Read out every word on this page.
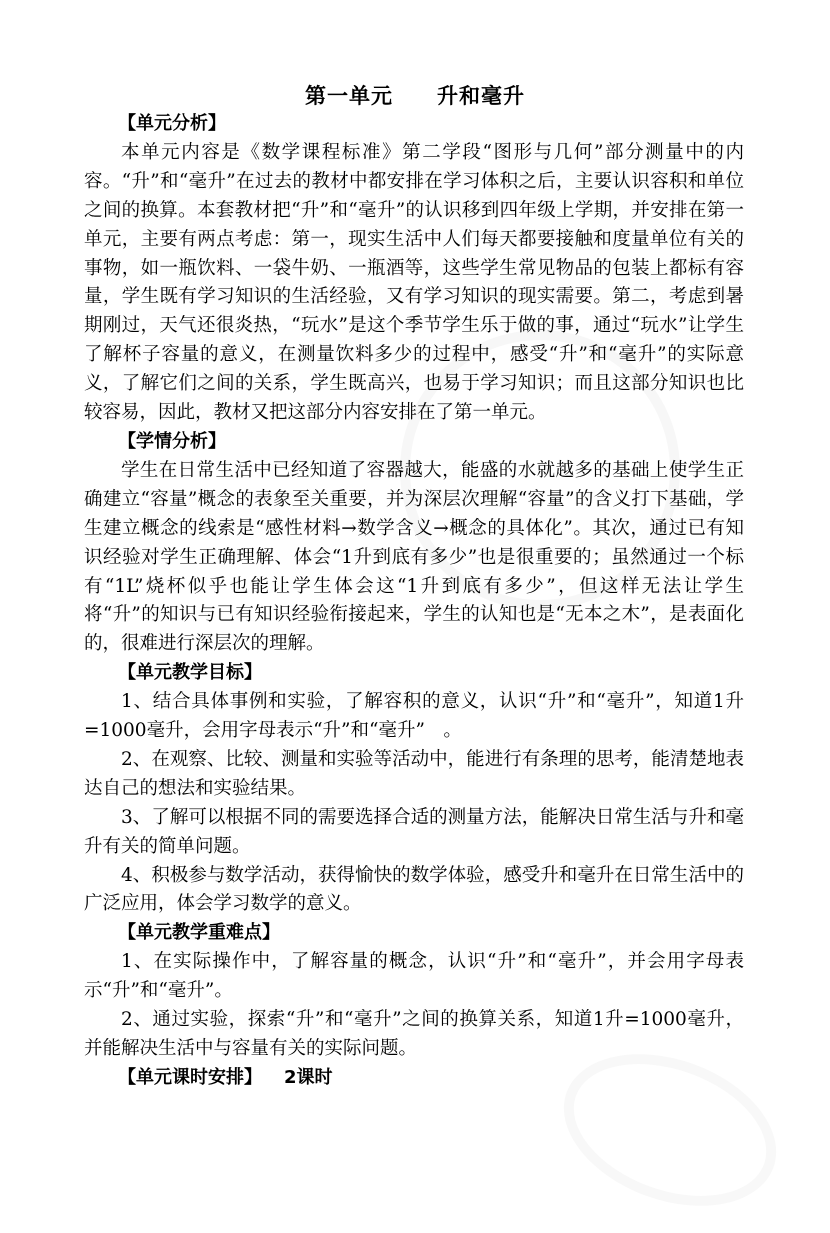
第一单元　　升和毫升
【单元分析】

本单元内容是《数学课程标准》第二学段“图形与几何”部分测量中的内容。“升”和“毫升”在过去的教材中都安排在学习体积之后，主要认识容积和单位之间的换算。本套教材把“升”和“毫升”的认识移到四年级上学期，并安排在第一单元，主要有两点考虑：第一，现实生活中人们每天都要接触和度量单位有关的事物，如一瓶饮料、一袋牛奶、一瓶酒等，这些学生常见物品的包装上都标有容量，学生既有学习知识的生活经验，又有学习知识的现实需要。第二，考虑到暑期刚过，天气还很炎热，“玩水”是这个季节学生乐于做的事，通过“玩水”让学生了解杯子容量的意义，在测量饮料多少的过程中，感受“升”和“毫升”的实际意义，了解它们之间的关系，学生既高兴，也易于学习知识；而且这部分知识也比较容易，因此，教材又把这部分内容安排在了第一单元。

【学情分析】

学生在日常生活中已经知道了容器越大，能盛的水就越多的基础上使学生正确建立“容量”概念的表象至关重要，并为深层次理解“容量”的含义打下基础，学生建立概念的线索是“感性材料→数学含义→概念的具体化”。其次，通过已有知识经验对学生正确理解、体会“1升到底有多少”也是很重要的；虽然通过一个标有“1L”烧杯似乎也能让学生体会这“1升到底有多少”，但这样无法让学生将“升”的知识与已有知识经验衔接起来，学生的认知也是“无本之木”，是表面化的，很难进行深层次的理解。

【单元教学目标】

1、结合具体事例和实验，了解容积的意义，认识“升”和“毫升”，知道1升=1000毫升，会用字母表示“升”和“毫升”　。

2、在观察、比较、测量和实验等活动中，能进行有条理的思考，能清楚地表达自己的想法和实验结果。

3、了解可以根据不同的需要选择合适的测量方法，能解决日常生活与升和毫升有关的简单问题。

4、积极参与数学活动，获得愉快的数学体验，感受升和毫升在日常生活中的广泛应用，体会学习数学的意义。

【单元教学重难点】

1、在实际操作中，了解容量的概念，认识“升”和“毫升”，并会用字母表示“升”和“毫升”。

2、通过实验，探索“升”和“毫升”之间的换算关系，知道1升=1000毫升，并能解决生活中与容量有关的实际问题。

【单元课时安排】 2课时
